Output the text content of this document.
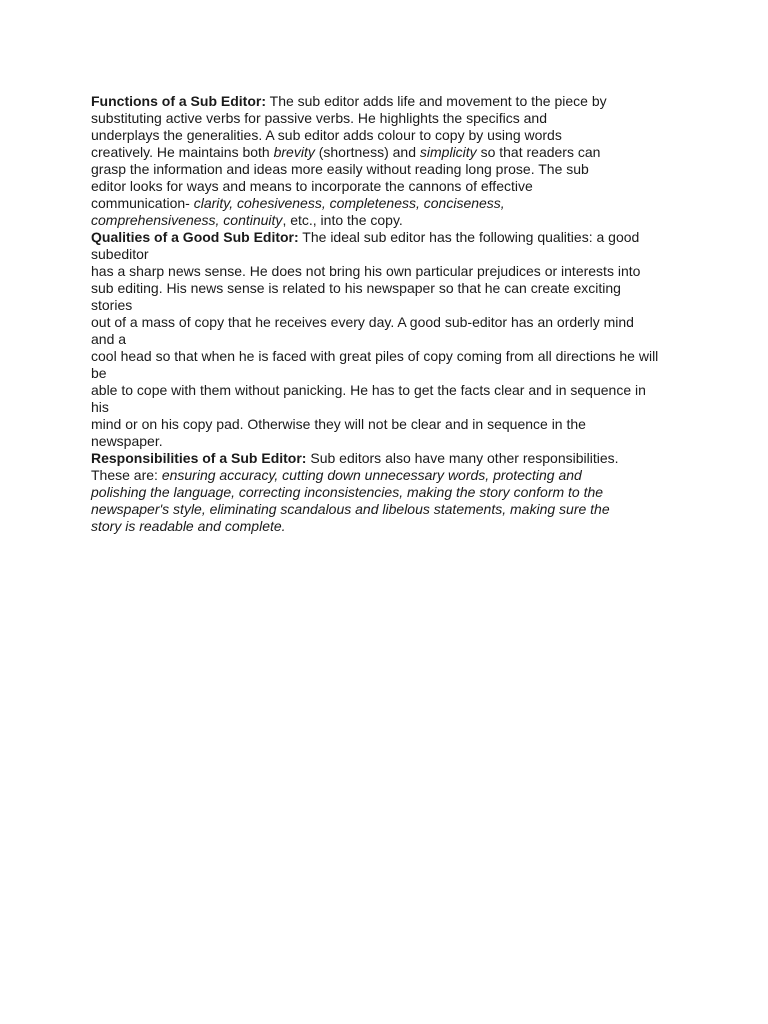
Functions of a Sub Editor: The sub editor adds life and movement to the piece by
substituting active verbs for passive verbs. He highlights the specifics and
underplays the generalities. A sub editor adds colour to copy by using words
creatively. He maintains both brevity (shortness) and simplicity so that readers can
grasp the information and ideas more easily without reading long prose. The sub
editor looks for ways and means to incorporate the cannons of effective
communication- clarity, cohesiveness, completeness, conciseness,
comprehensiveness, continuity, etc., into the copy.
Qualities of a Good Sub Editor: The ideal sub editor has the following qualities: a good
subeditor
has a sharp news sense. He does not bring his own particular prejudices or interests into
sub editing. His news sense is related to his newspaper so that he can create exciting
stories
out of a mass of copy that he receives every day. A good sub-editor has an orderly mind
and a
cool head so that when he is faced with great piles of copy coming from all directions he will
be
able to cope with them without panicking. He has to get the facts clear and in sequence in
his
mind or on his copy pad. Otherwise they will not be clear and in sequence in the
newspaper.
Responsibilities of a Sub Editor: Sub editors also have many other responsibilities.
These are: ensuring accuracy, cutting down unnecessary words, protecting and
polishing the language, correcting inconsistencies, making the story conform to the
newspaper's style, eliminating scandalous and libelous statements, making sure the
story is readable and complete.
